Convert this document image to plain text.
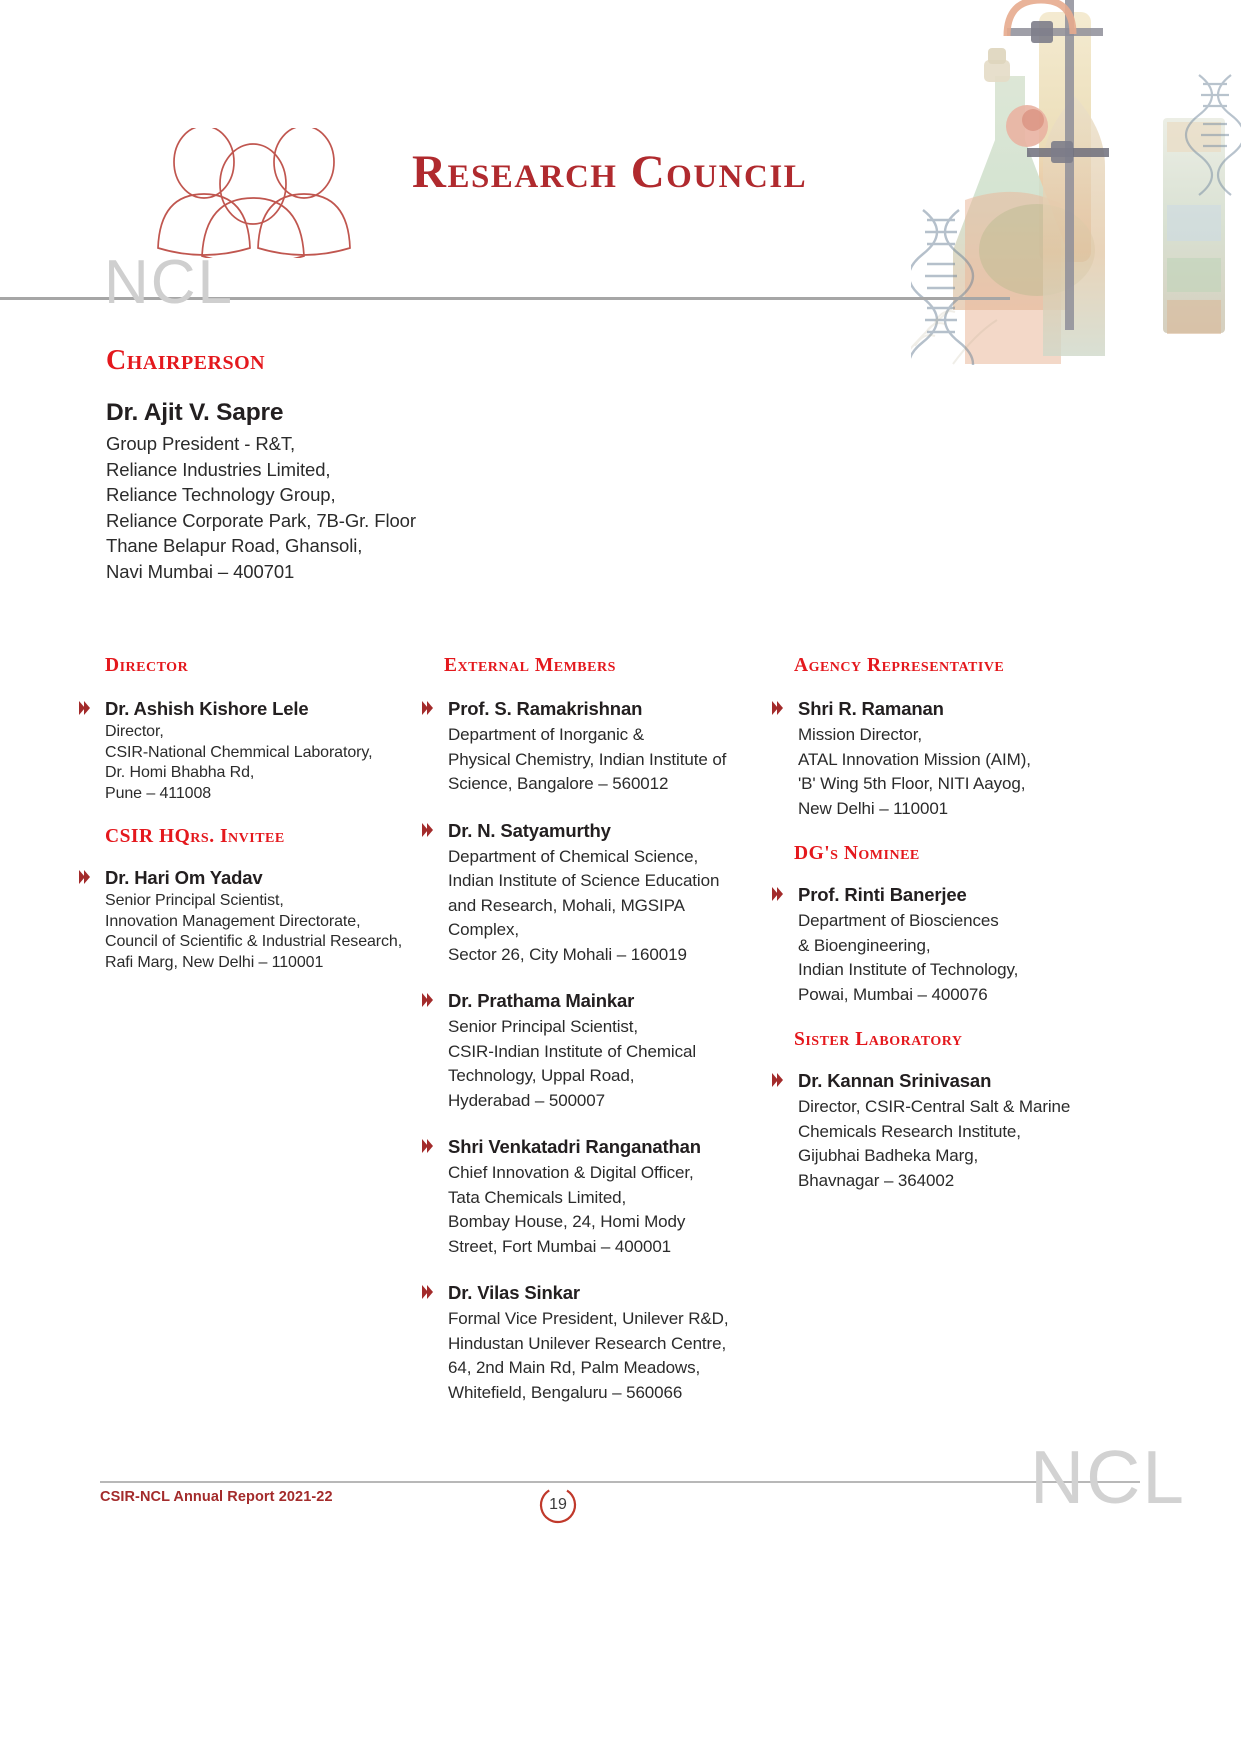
NCL
Research Council
Chairperson
Dr. Ajit V. Sapre
Group President - R&T,
Reliance Industries Limited,
Reliance Technology Group,
Reliance Corporate Park, 7B-Gr. Floor
Thane Belapur Road, Ghansoli,
Navi Mumbai – 400701
Director
Dr. Ashish Kishore Lele
Director,
CSIR-National Chemmical Laboratory,
Dr. Homi Bhabha Rd,
Pune – 411008
CSIR HQrs. Invitee
Dr. Hari Om Yadav
Senior Principal Scientist,
Innovation Management Directorate,
Council of Scientific & Industrial Research,
Rafi Marg, New Delhi – 110001
External Members
Prof. S. Ramakrishnan
Department of Inorganic &
Physical Chemistry, Indian Institute of
Science, Bangalore – 560012
Dr. N. Satyamurthy
Department of Chemical Science,
Indian Institute of Science Education
and Research, Mohali, MGSIPA Complex,
Sector 26, City Mohali – 160019
Dr. Prathama Mainkar
Senior Principal Scientist,
CSIR-Indian Institute of Chemical
Technology, Uppal Road,
Hyderabad – 500007
Shri Venkatadri Ranganathan
Chief Innovation & Digital Officer,
Tata Chemicals Limited,
Bombay House, 24, Homi Mody
Street, Fort Mumbai – 400001
Dr. Vilas Sinkar
Formal Vice President, Unilever R&D,
Hindustan Unilever Research Centre,
64, 2nd Main Rd, Palm Meadows,
Whitefield, Bengaluru – 560066
Agency Representative
Shri R. Ramanan
Mission Director,
ATAL Innovation Mission (AIM),
'B' Wing 5th Floor, NITI Aayog,
New Delhi – 110001
DG's Nominee
Prof. Rinti Banerjee
Department of Biosciences
& Bioengineering,
Indian Institute of Technology,
Powai, Mumbai – 400076
Sister Laboratory
Dr. Kannan Srinivasan
Director, CSIR-Central Salt & Marine
Chemicals Research Institute,
Gijubhai Badheka Marg,
Bhavnagar – 364002
CSIR-NCL Annual Report 2021-22	19	NCL
